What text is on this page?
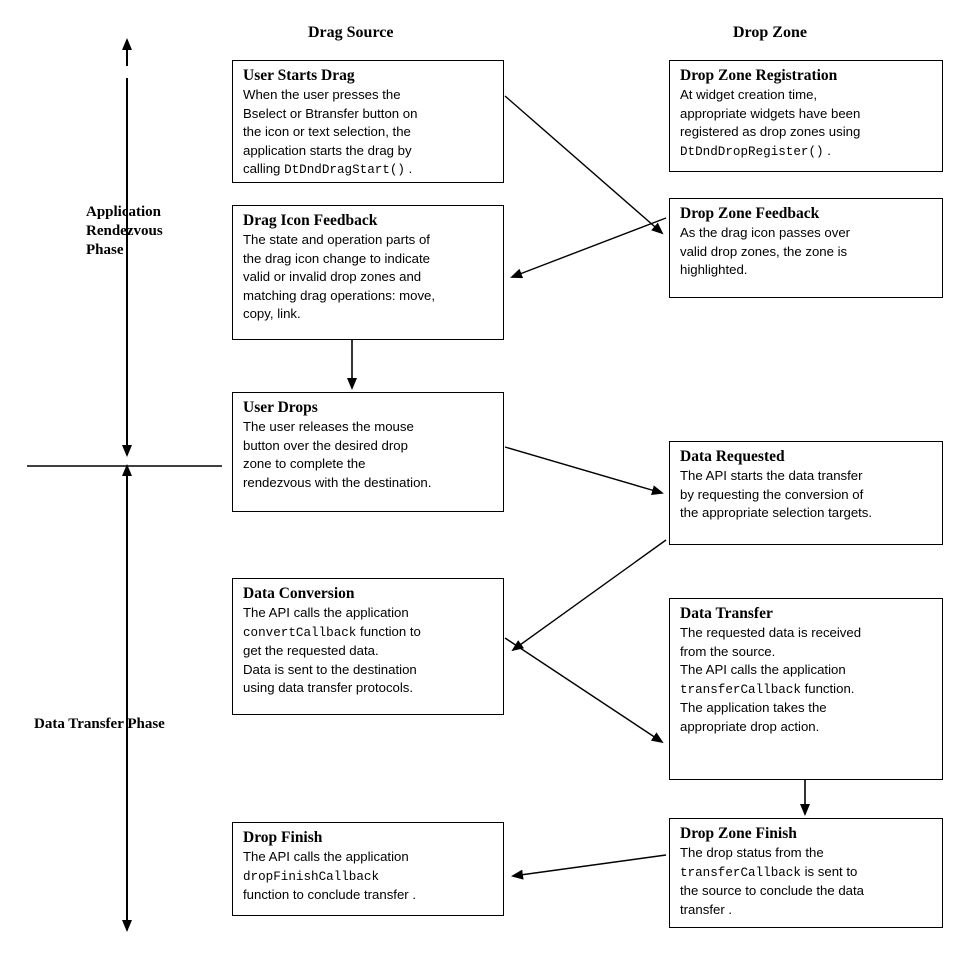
Drag Source	Drop Zone
Application
Rendezvous
Phase
Data Transfer Phase
User Starts Drag
When the user presses the
Bselect or Btransfer button on
the icon or text selection, the
application starts the drag by
calling DtDndDragStart() .
Drag Icon Feedback
The state and operation parts of
the drag icon change to indicate
valid or invalid drop zones and
matching drag operations: move,
copy, link.
User Drops
The user releases the mouse
button over the desired drop
zone to complete the
rendezvous with the destination.
Data Conversion
The API calls the application
convertCallback function to
get the requested data.
Data is sent to the destination
using data transfer protocols.
Drop Finish
The API calls the application
dropFinishCallback
function to conclude transfer .
Drop Zone Registration
At widget creation time,
appropriate widgets have been
registered as drop zones using
DtDndDropRegister() .
Drop Zone Feedback
As the drag icon passes over
valid drop zones, the zone is
highlighted.
Data Requested
The API starts the data transfer
by requesting the conversion of
the appropriate selection targets.
Data Transfer
The requested data is received
from the source.
The API calls the application
transferCallback function.
The application takes the
appropriate drop action.
Drop Zone Finish
The drop status from the
transferCallback is sent to
the source to conclude the data
transfer .
